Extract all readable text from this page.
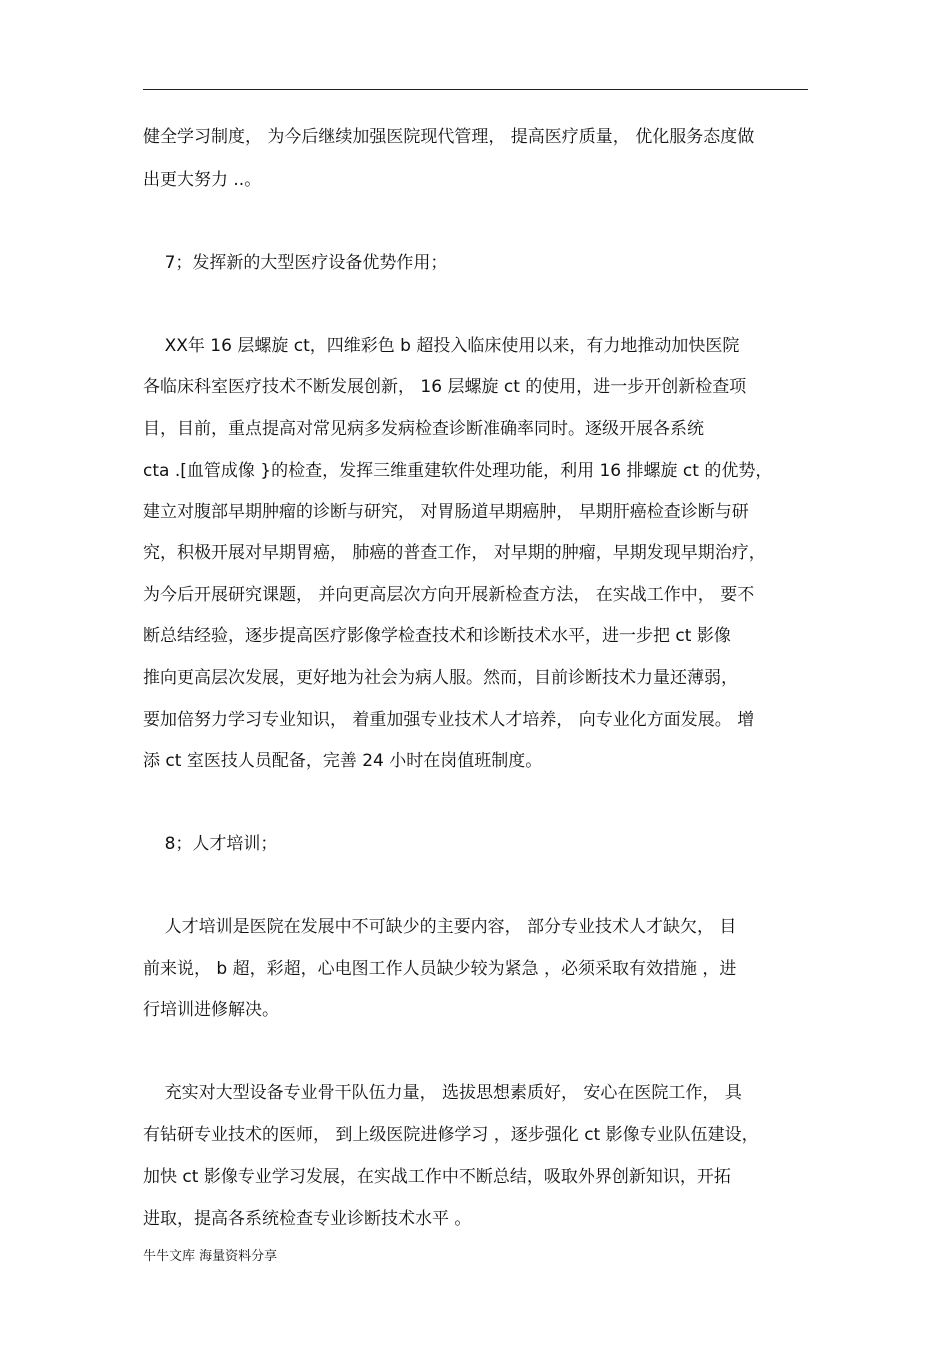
健全学习制度， 为今后继续加强医院现代管理， 提高医疗质量， 优化服务态度做
出更大努力 ..。
7；发挥新的大型医疗设备优势作用；
XX年 16 层螺旋 ct，四维彩色 b 超投入临床使用以来，有力地推动加快医院
各临床科室医疗技术不断发展创新， 16 层螺旋 ct 的使用，进一步开创新检查项
目，目前，重点提高对常见病多发病检查诊断准确率同时。逐级开展各系统
cta .[血管成像 }的检查，发挥三维重建软件处理功能，利用 16 排螺旋 ct 的优势，
建立对腹部早期肿瘤的诊断与研究， 对胃肠道早期癌肿， 早期肝癌检查诊断与研
究，积极开展对早期胃癌， 肺癌的普查工作， 对早期的肿瘤，早期发现早期治疗，
为今后开展研究课题， 并向更高层次方向开展新检查方法， 在实战工作中， 要不
断总结经验，逐步提高医疗影像学检查技术和诊断技术水平，进一步把 ct 影像
推向更高层次发展，更好地为社会为病人服。然而，目前诊断技术力量还薄弱，
要加倍努力学习专业知识， 着重加强专业技术人才培养， 向专业化方面发展。 增
添 ct 室医技人员配备，完善 24 小时在岗值班制度。
8；人才培训；
人才培训是医院在发展中不可缺少的主要内容， 部分专业技术人才缺欠， 目
前来说， b 超，彩超，心电图工作人员缺少较为紧急 ，必须采取有效措施 ，进
行培训进修解决。
充实对大型设备专业骨干队伍力量， 选拔思想素质好， 安心在医院工作， 具
有钻研专业技术的医师， 到上级医院进修学习 ，逐步强化 ct 影像专业队伍建设，
加快 ct 影像专业学习发展，在实战工作中不断总结，吸取外界创新知识，开拓
进取，提高各系统检查专业诊断技术水平 。
牛牛文库 海量资料分享
